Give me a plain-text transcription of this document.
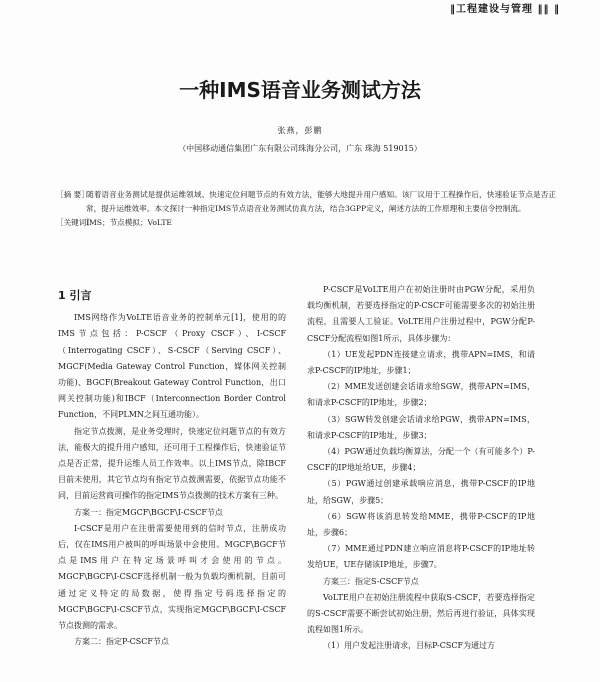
‖工程建设与管理 ‖‖ ‖
一种IMS语音业务测试方法

张燕，彭鹏

（中国移动通信集团广东有限公司珠海分公司，广东 珠海 519015）

［摘 要］
随着语音业务测试是提供运维领域、快速定位问题节点的有效方法，能够大地提升用户感知。该厂议用于工程操作后，快速验证节点是否正常，提升运维效率。本文探讨一种指定IMS节点语音业务测试仿真方法，结合3GPP定义，阐述方法的工作原理和主要信令控制流。
［关键词］
IMS；节点模拟；VoLTE
1 引言

IMS网络作为VoLTE语音业务的控制单元[1]，使用的的IMS节点包括：P-CSCF（Proxy CSCF）、I-CSCF（Interrogating CSCF）、S-CSCF（Serving CSCF）、MGCF(Media Gateway Control Function，媒体网关控制功能)、BGCF(Breakout Gateway Control Function，出口网关控制功能)和IBCF（Interconnection Border Control Function，不同PLMN之间互通功能）。

指定节点拨测，是业务受理时，快速定位问题节点的有效方法，能极大的提升用户感知，还可用于工程操作后，快速验证节点是否正常，提升运维人员工作效率。以上IMS节点，除IBCF目前未使用，其它节点均有指定节点拨测需要，依据节点功能不同，目前运营商可操作的指定IMS节点拨测的技术方案有三种。

方案一：指定MGCF\BGCF\I-CSCF节点

I-CSCF是用户在注册需要使用到的信时节点，注册成功后，仅在IMS用户被叫的呼叫场景中会使用。MGCF\BGCF节点是IMS用户在特定场景呼叫才会使用的节点。MGCF\BGCF\I-CSCF选择机制一般为负载均衡机制，目前可通过定义特定的局数据，使得指定号码选择指定的MGCF\BGCF\I-CSCF节点，实现指定MGCF\BGCF\I-CSCF节点拨测的需求。

方案二：指定P-CSCF节点

P-CSCF是VoLTE用户在初始注册时由PGW分配，采用负载均衡机制，若要选择指定的P-CSCF可能需要多次的初始注册流程，且需要人工验证。VoLTE用户注册过程中，PGW分配P-CSCF分配流程如图1所示，具体步骤为：

（1）UE发起PDN连接建立请求，携带APN=IMS，和请求P-CSCF的IP地址，步骤1；

（2）MME发送创建会话请求给SGW，携带APN=IMS，和请求P-CSCF的IP地址，步骤2；

（3）SGW转发创建会话请求给PGW，携带APN=IMS，和请求P-CSCF的IP地址，步骤3；

（4）PGW通过负载均衡算法，分配一个（有可能多个）P-CSCF的IP地址给UE，步骤4；

（5）PGW通过创建承载响应消息，携带P-CSCF的IP地址，给SGW，步骤5；

（6）SGW将该消息转发给MME，携带P-CSCF的IP地址，步骤6；

（7）MME通过PDN建立响应消息将P-CSCF的IP地址转发给UE，UE存储该IP地址，步骤7。

方案三：指定S-CSCF节点

VoLTE用户在初始注册流程中获取S-CSCF，若要选择指定的S-CSCF需要不断尝试初始注册，然后再进行验证，具体实现流程如图1所示。

（1）用户发起注册请求，目标P-CSCF为通过方
